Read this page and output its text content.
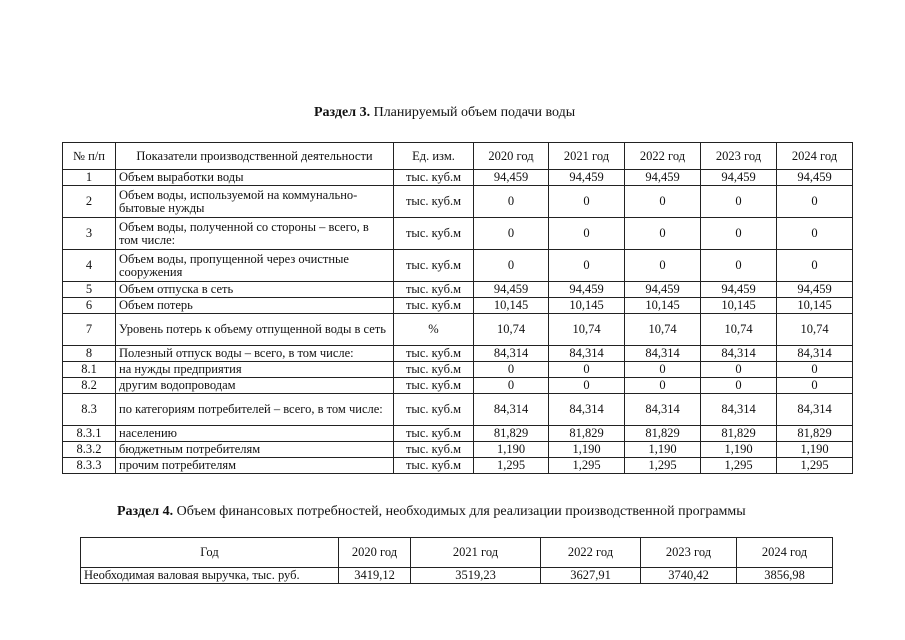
Раздел 3. Планируемый объем подачи воды
№ п/п	Показатели производственной деятельности	Ед. изм.	2020 год	2021 год	2022 год	2023 год	2024 год
1	Объем выработки воды	тыс. куб.м	94,459	94,459	94,459	94,459	94,459
2	Объем воды, используемой на коммунально-бытовые нужды	тыс. куб.м	0	0	0	0	0
3	Объем воды, полученной со стороны – всего, в том числе:	тыс. куб.м	0	0	0	0	0
4	Объем воды, пропущенной через очистные сооружения	тыс. куб.м	0	0	0	0	0
5	Объем отпуска в сеть	тыс. куб.м	94,459	94,459	94,459	94,459	94,459
6	Объем потерь	тыс. куб.м	10,145	10,145	10,145	10,145	10,145
7	Уровень потерь к объему отпущенной воды в сеть	%	10,74	10,74	10,74	10,74	10,74
8	Полезный отпуск воды – всего, в том числе:	тыс. куб.м	84,314	84,314	84,314	84,314	84,314
8.1	на нужды предприятия	тыс. куб.м	0	0	0	0	0
8.2	другим водопроводам	тыс. куб.м	0	0	0	0	0
8.3	по категориям потребителей – всего, в том числе:	тыс. куб.м	84,314	84,314	84,314	84,314	84,314
8.3.1	населению	тыс. куб.м	81,829	81,829	81,829	81,829	81,829
8.3.2	бюджетным потребителям	тыс. куб.м	1,190	1,190	1,190	1,190	1,190
8.3.3	прочим потребителям	тыс. куб.м	1,295	1,295	1,295	1,295	1,295
Раздел 4. Объем финансовых потребностей, необходимых для реализации производственной программы
Год	2020 год	2021 год	2022 год	2023 год	2024 год
Необходимая валовая выручка, тыс. руб.	3419,12	3519,23	3627,91	3740,42	3856,98
